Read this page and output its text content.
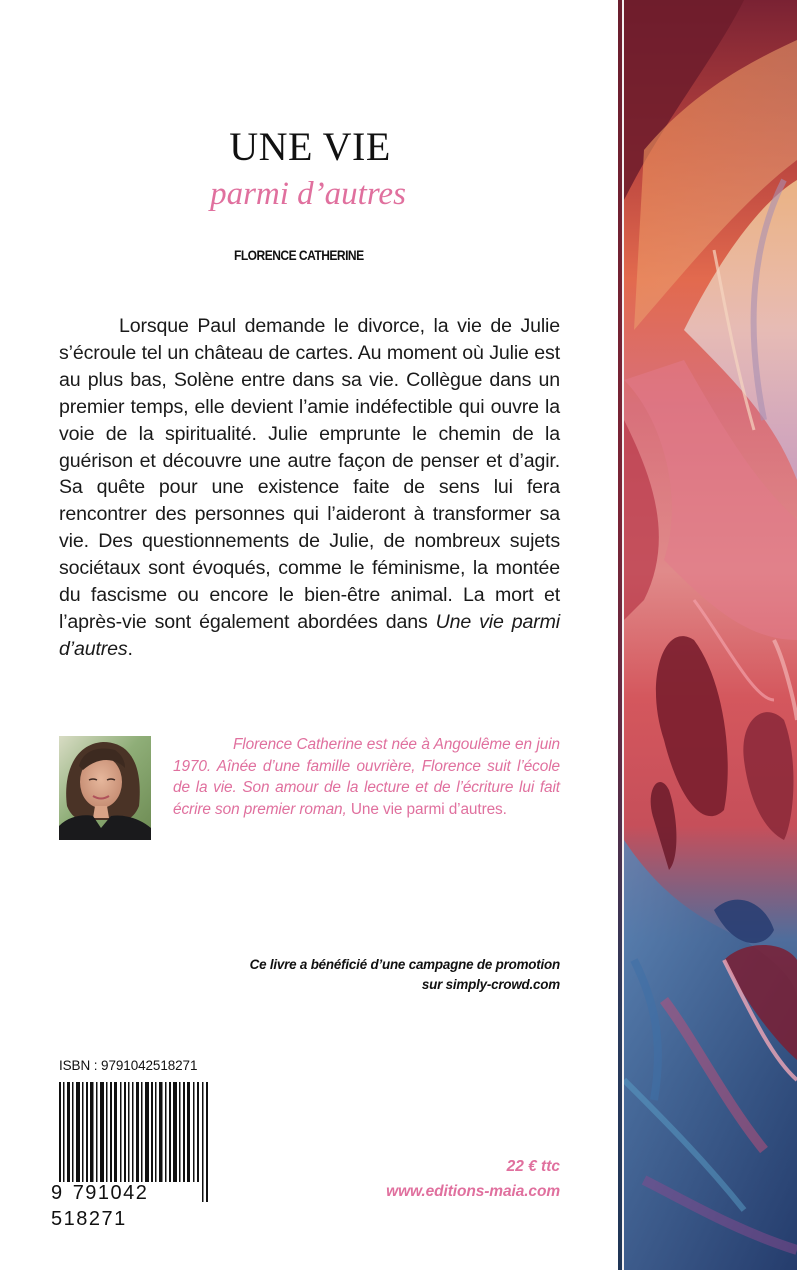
UNE VIE
parmi d’autres
FLORENCE CATHERINE

Lorsque Paul demande le divorce, la vie de Julie s’écroule tel un château de cartes. Au moment où Julie est au plus bas, Solène entre dans sa vie. Collègue dans un premier temps, elle devient l’amie indéfectible qui ouvre la voie de la spiritualité. Julie emprunte le chemin de la guérison et découvre une autre façon de penser et d’agir. Sa quête pour une existence faite de sens lui fera rencontrer des personnes qui l’aideront à transformer sa vie. Des questionnements de Julie, de nombreux sujets sociétaux sont évoqués, comme le féminisme, la montée du fascisme ou encore le bien-être animal. La mort et l’après-vie sont également abordées dans Une vie parmi d’autres.

Florence Catherine est née à Angoulême en juin 1970. Aînée d’une famille ouvrière, Florence suit l’école de la vie. Son amour de la lecture et de l’écriture lui fait écrire son premier roman, Une vie parmi d’autres.

Ce livre a bénéficié d’une campagne de promotion
sur simply-crowd.com
ISBN : 9791042518271
9 791042 518271
22 € ttc
www.editions-maia.com
